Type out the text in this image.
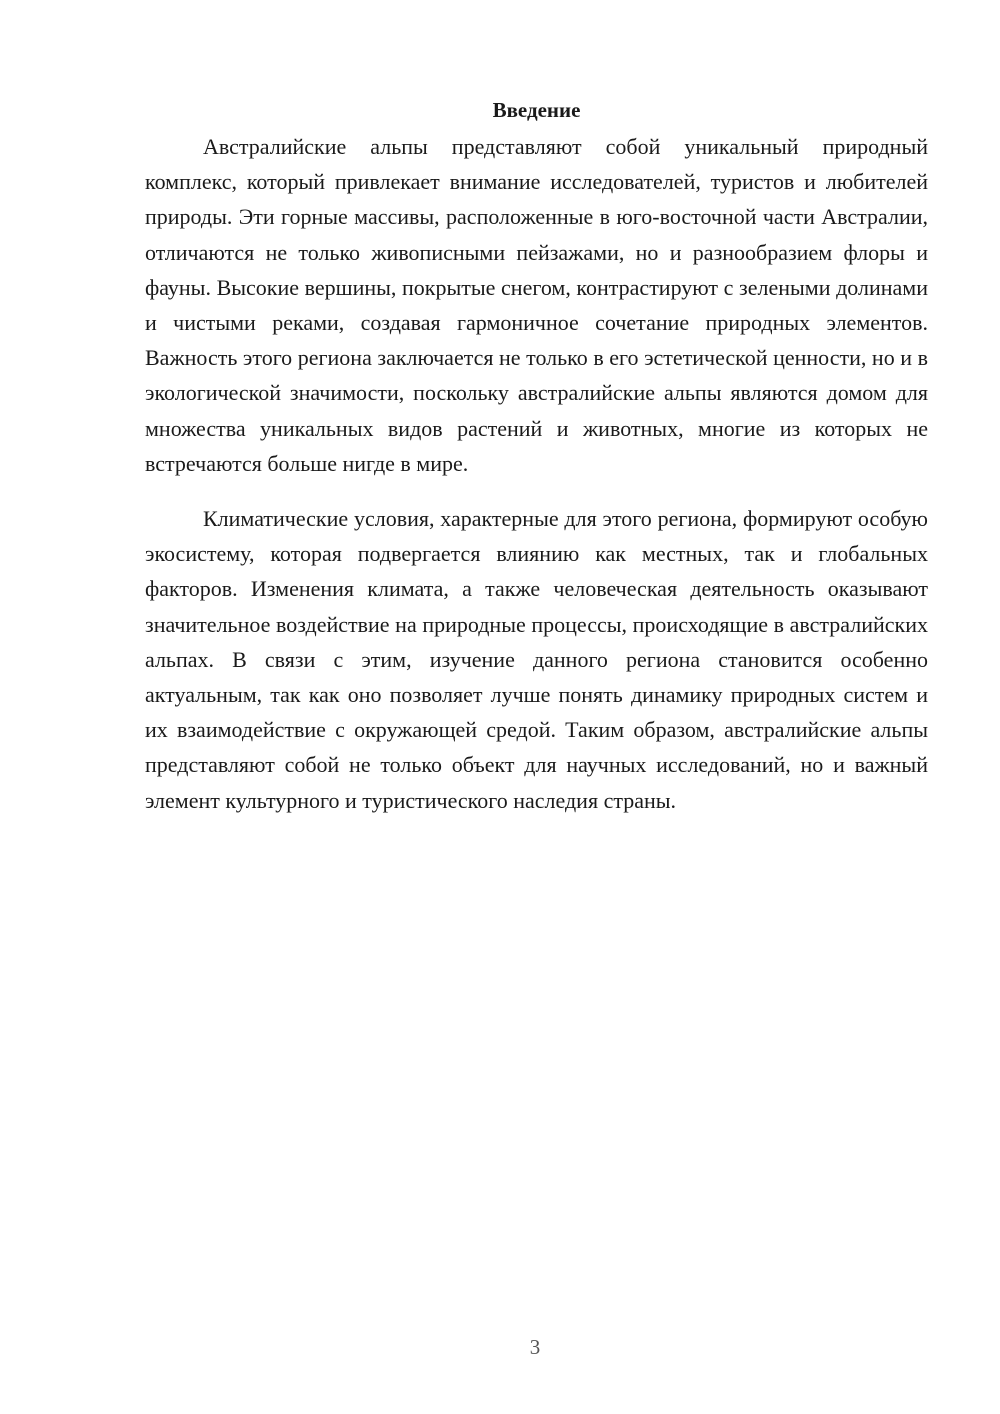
Введение

Австралийские альпы представляют собой уникальный природный комплекс, который привлекает внимание исследователей, туристов и любителей природы. Эти горные массивы, расположенные в юго-восточной части Австралии, отличаются не только живописными пейзажами, но и разнообразием флоры и фауны. Высокие вершины, покрытые снегом, контрастируют с зелеными долинами и чистыми реками, создавая гармоничное сочетание природных элементов. Важность этого региона заключается не только в его эстетической ценности, но и в экологической значимости, поскольку австралийские альпы являются домом для множества уникальных видов растений и животных, многие из которых не встречаются больше нигде в мире.

Климатические условия, характерные для этого региона, формируют особую экосистему, которая подвергается влиянию как местных, так и глобальных факторов. Изменения климата, а также человеческая деятельность оказывают значительное воздействие на природные процессы, происходящие в австралийских альпах. В связи с этим, изучение данного региона становится особенно актуальным, так как оно позволяет лучше понять динамику природных систем и их взаимодействие с окружающей средой. Таким образом, австралийские альпы представляют собой не только объект для научных исследований, но и важный элемент культурного и туристического наследия страны.

3
